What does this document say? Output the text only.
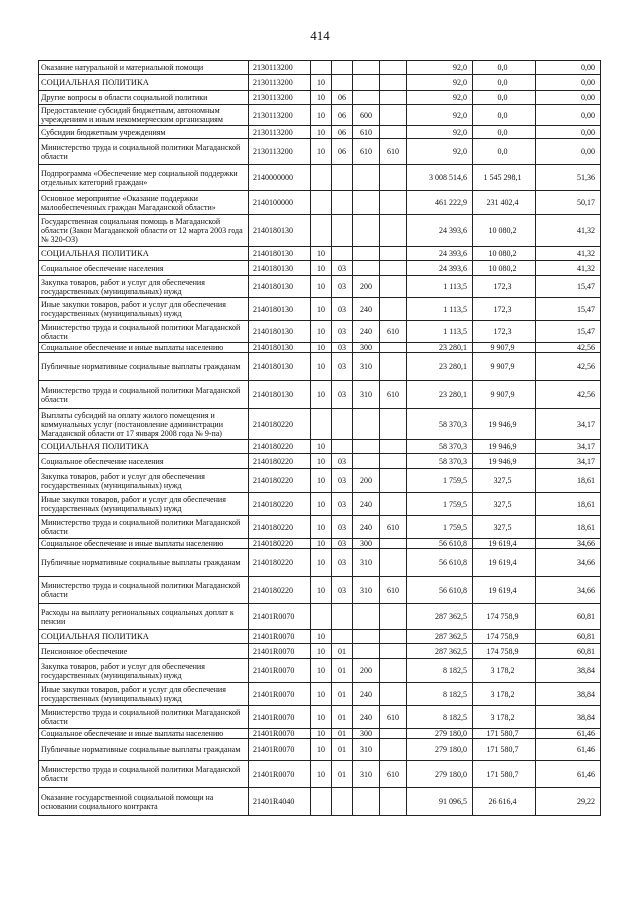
414
Оказание натуральной и материальной помощи	2130113200					92,0	0,0	0,00
СОЦИАЛЬНАЯ ПОЛИТИКА	2130113200	10				92,0	0,0	0,00
Другие вопросы в области социальной политики	2130113200	10	06			92,0	0,0	0,00
Предоставление субсидий бюджетным, автономным учреждениям и иным некоммерческим организациям	2130113200	10	06	600		92,0	0,0	0,00
Субсидии бюджетным учреждениям	2130113200	10	06	610		92,0	0,0	0,00
Министерство труда и социальной политики Магаданской области	2130113200	10	06	610	610	92,0	0,0	0,00
Подпрограмма «Обеспечение мер социальной поддержки отдельных категорий граждан»	2140000000					3 008 514,6	1 545 298,1	51,36
Основное мероприятие «Оказание поддержки малообеспеченных граждан Магаданской области»	2140100000					461 222,9	231 402,4	50,17
Государственная социальная помощь в Магаданской области (Закон Магаданской области от 12 марта 2003 года № 320-ОЗ)	2140180130					24 393,6	10 080,2	41,32
СОЦИАЛЬНАЯ ПОЛИТИКА	2140180130	10				24 393,6	10 080,2	41,32
Социальное обеспечение населения	2140180130	10	03			24 393,6	10 080,2	41,32
Закупка товаров, работ и услуг для обеспечения государственных (муниципальных) нужд	2140180130	10	03	200		1 113,5	172,3	15,47
Иные закупки товаров, работ и услуг для обеспечения государственных (муниципальных) нужд	2140180130	10	03	240		1 113,5	172,3	15,47
Министерство труда и социальной политики Магаданской области	2140180130	10	03	240	610	1 113,5	172,3	15,47
Социальное обеспечение и иные выплаты населению	2140180130	10	03	300		23 280,1	9 907,9	42,56
Публичные нормативные социальные выплаты гражданам	2140180130	10	03	310		23 280,1	9 907,9	42,56
Министерство труда и социальной политики Магаданской области	2140180130	10	03	310	610	23 280,1	9 907,9	42,56
Выплаты субсидий на оплату жилого помещения и коммунальных услуг (постановление администрации Магаданской области от 17 января 2008 года № 9-па)	2140180220					58 370,3	19 946,9	34,17
СОЦИАЛЬНАЯ ПОЛИТИКА	2140180220	10				58 370,3	19 946,9	34,17
Социальное обеспечение населения	2140180220	10	03			58 370,3	19 946,9	34,17
Закупка товаров, работ и услуг для обеспечения государственных (муниципальных) нужд	2140180220	10	03	200		1 759,5	327,5	18,61
Иные закупки товаров, работ и услуг для обеспечения государственных (муниципальных) нужд	2140180220	10	03	240		1 759,5	327,5	18,61
Министерство труда и социальной политики Магаданской области	2140180220	10	03	240	610	1 759,5	327,5	18,61
Социальное обеспечение и иные выплаты населению	2140180220	10	03	300		56 610,8	19 619,4	34,66
Публичные нормативные социальные выплаты гражданам	2140180220	10	03	310		56 610,8	19 619,4	34,66
Министерство труда и социальной политики Магаданской области	2140180220	10	03	310	610	56 610,8	19 619,4	34,66
Расходы на выплату региональных социальных доплат к пенсии	21401R0070					287 362,5	174 758,9	60,81
СОЦИАЛЬНАЯ ПОЛИТИКА	21401R0070	10				287 362,5	174 758,9	60,81
Пенсионное обеспечение	21401R0070	10	01			287 362,5	174 758,9	60,81
Закупка товаров, работ и услуг для обеспечения государственных (муниципальных) нужд	21401R0070	10	01	200		8 182,5	3 178,2	38,84
Иные закупки товаров, работ и услуг для обеспечения государственных (муниципальных) нужд	21401R0070	10	01	240		8 182,5	3 178,2	38,84
Министерство труда и социальной политики Магаданской области	21401R0070	10	01	240	610	8 182,5	3 178,2	38,84
Социальное обеспечение и иные выплаты населению	21401R0070	10	01	300		279 180,0	171 580,7	61,46
Публичные нормативные социальные выплаты гражданам	21401R0070	10	01	310		279 180,0	171 580,7	61,46
Министерство труда и социальной политики Магаданской области	21401R0070	10	01	310	610	279 180,0	171 580,7	61,46
Оказание государственной социальной помощи на основании социального контракта	21401R4040					91 096,5	26 616,4	29,22
